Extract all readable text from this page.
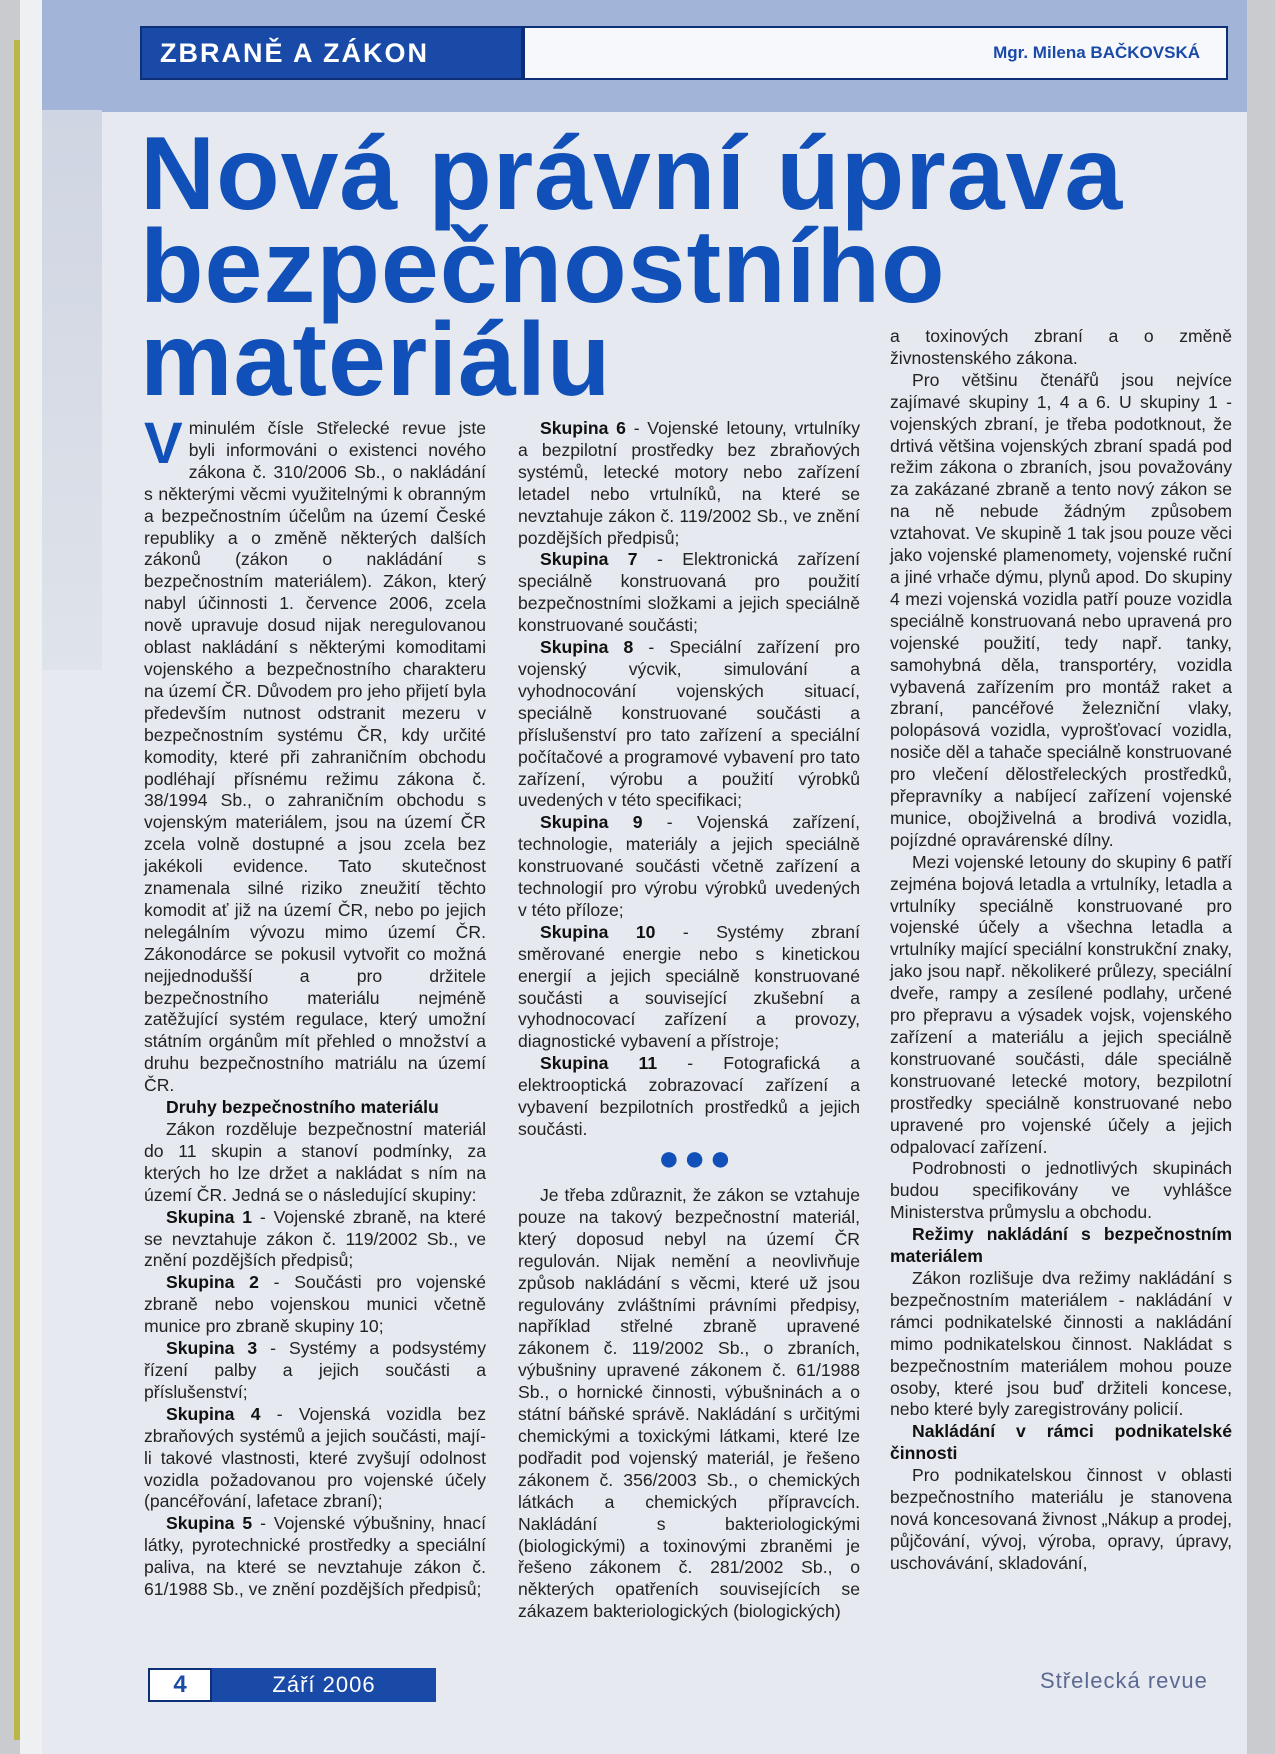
ZBRANĚ A ZÁKON	Mgr. Milena BAČKOVSKÁ
Nová právní úprava
bezpečnostního
materiálu

Vminulém čísle Střelecké revue jste byli informováni o existenci nového zákona č. 310/2006 Sb., o nakládání s některými věcmi využitelnými k obranným a bezpečnostním účelům na území České republiky a o změně některých dalších zákonů (zákon o nakládání s bezpečnostním materiálem). Zákon, který nabyl účinnosti 1. července 2006, zcela nově upravuje dosud nijak neregulovanou oblast nakládání s některými komoditami vojenského a bezpečnostního charakteru na území ČR. Důvodem pro jeho přijetí byla především nutnost odstranit mezeru v bezpečnostním systému ČR, kdy určité komodity, které při zahraničním obchodu podléhají přísnému režimu zákona č. 38/1994 Sb., o zahraničním obchodu s vojenským materiálem, jsou na území ČR zcela volně dostupné a jsou zcela bez jakékoli evidence. Tato skutečnost znamenala silné riziko zneužití těchto komodit ať již na území ČR, nebo po jejich nelegálním vývozu mimo území ČR. Zákonodárce se pokusil vytvořit co možná nejjednodušší a pro držitele bezpečnostního materiálu nejméně zatěžující systém regulace, který umožní státním orgánům mít přehled o množství a druhu bezpečnostního matriálu na území ČR.

Druhy bezpečnostního materiálu

Zákon rozděluje bezpečnostní materiál do 11 skupin a stanoví podmínky, za kterých ho lze držet a nakládat s ním na území ČR. Jedná se o následující skupiny:

Skupina 1 - Vojenské zbraně, na které se nevztahuje zákon č. 119/2002 Sb., ve znění pozdějších předpisů;

Skupina 2 - Součásti pro vojenské zbraně nebo vojenskou munici včetně munice pro zbraně skupiny 10;

Skupina 3 - Systémy a podsystémy řízení palby a jejich součásti a příslušenství;

Skupina 4 - Vojenská vozidla bez zbraňových systémů a jejich součásti, mají-li takové vlastnosti, které zvyšují odolnost vozidla požadovanou pro vojenské účely (pancéřování, lafetace zbraní);

Skupina 5 - Vojenské výbušniny, hnací látky, pyrotechnické prostředky a speciální paliva, na které se nevztahuje zákon č. 61/1988 Sb., ve znění pozdějších předpisů;

Skupina 6 - Vojenské letouny, vrtulníky a bezpilotní prostředky bez zbraňových systémů, letecké motory nebo zařízení letadel nebo vrtulníků, na které se nevztahuje zákon č. 119/2002 Sb., ve znění pozdějších předpisů;

Skupina 7 - Elektronická zařízení speciálně konstruovaná pro použití bezpečnostními složkami a jejich speciálně konstruované součásti;

Skupina 8 - Speciální zařízení pro vojenský výcvik, simulování a vyhodnocování vojenských situací, speciálně konstruované součásti a příslušenství pro tato zařízení a speciální počítačové a programové vybavení pro tato zařízení, výrobu a použití výrobků uvedených v této specifikaci;

Skupina 9 - Vojenská zařízení, technologie, materiály a jejich speciálně konstruované součásti včetně zařízení a technologií pro výrobu výrobků uvedených v této příloze;

Skupina 10 - Systémy zbraní směrované energie nebo s kinetickou energií a jejich speciálně konstruované součásti a související zkušební a vyhodnocovací zařízení a provozy, diagnostické vybavení a přístroje;

Skupina 11 - Fotografická a elektrooptická zobrazovací zařízení a vybavení bezpilotních prostředků a jejich součásti.

●●●

Je třeba zdůraznit, že zákon se vztahuje pouze na takový bezpečnostní materiál, který doposud nebyl na území ČR regulován. Nijak nemění a neovlivňuje způsob nakládání s věcmi, které už jsou regulovány zvláštními právními předpisy, například střelné zbraně upravené zákonem č. 119/2002 Sb., o zbraních, výbušniny upravené zákonem č. 61/1988 Sb., o hornické činnosti, výbušninách a o státní báňské správě. Nakládání s určitými chemickými a toxickými látkami, které lze podřadit pod vojenský materiál, je řešeno zákonem č. 356/2003 Sb., o chemických látkách a chemických přípravcích. Nakládání s bakteriologickými (biologickými) a toxinovými zbraněmi je řešeno zákonem č. 281/2002 Sb., o některých opatřeních souvisejících se zákazem bakteriologických (biologických)

a toxinových zbraní a o změně živnostenského zákona.

Pro většinu čtenářů jsou nejvíce zajímavé skupiny 1, 4 a 6. U skupiny 1 - vojenských zbraní, je třeba podotknout, že drtivá většina vojenských zbraní spadá pod režim zákona o zbraních, jsou považovány za zakázané zbraně a tento nový zákon se na ně nebude žádným způsobem vztahovat. Ve skupině 1 tak jsou pouze věci jako vojenské plamenomety, vojenské ruční a jiné vrhače dýmu, plynů apod. Do skupiny 4 mezi vojenská vozidla patří pouze vozidla speciálně konstruovaná nebo upravená pro vojenské použití, tedy např. tanky, samohybná děla, transportéry, vozidla vybavená zařízením pro montáž raket a zbraní, pancéřové železniční vlaky, polopásová vozidla, vyprošťovací vozidla, nosiče děl a tahače speciálně konstruované pro vlečení dělostřeleckých prostředků, přepravníky a nabíjecí zařízení vojenské munice, obojživelná a brodivá vozidla, pojízdné opravárenské dílny.

Mezi vojenské letouny do skupiny 6 patří zejména bojová letadla a vrtulníky, letadla a vrtulníky speciálně konstruované pro vojenské účely a všechna letadla a vrtulníky mající speciální konstrukční znaky, jako jsou např. několikeré průlezy, speciální dveře, rampy a zesílené podlahy, určené pro přepravu a výsadek vojsk, vojenského zařízení a materiálu a jejich speciálně konstruované součásti, dále speciálně konstruované letecké motory, bezpilotní prostředky speciálně konstruované nebo upravené pro vojenské účely a jejich odpalovací zařízení.

Podrobnosti o jednotlivých skupinách budou specifikovány ve vyhlášce Ministerstva průmyslu a obchodu.

Režimy nakládání s bezpečnostním materiálem

Zákon rozlišuje dva režimy nakládání s bezpečnostním materiálem - nakládání v rámci podnikatelské činnosti a nakládání mimo podnikatelskou činnost. Nakládat s bezpečnostním materiálem mohou pouze osoby, které jsou buď držiteli koncese, nebo které byly zaregistrovány policií.

Nakládání v rámci podnikatelské činnosti

Pro podnikatelskou činnost v oblasti bezpečnostního materiálu je stanovena nová koncesovaná živnost „Nákup a prodej, půjčování, vývoj, výroba, opravy, úpravy, uschovávání, skladování,

4	Září 2006	Střelecká revue
